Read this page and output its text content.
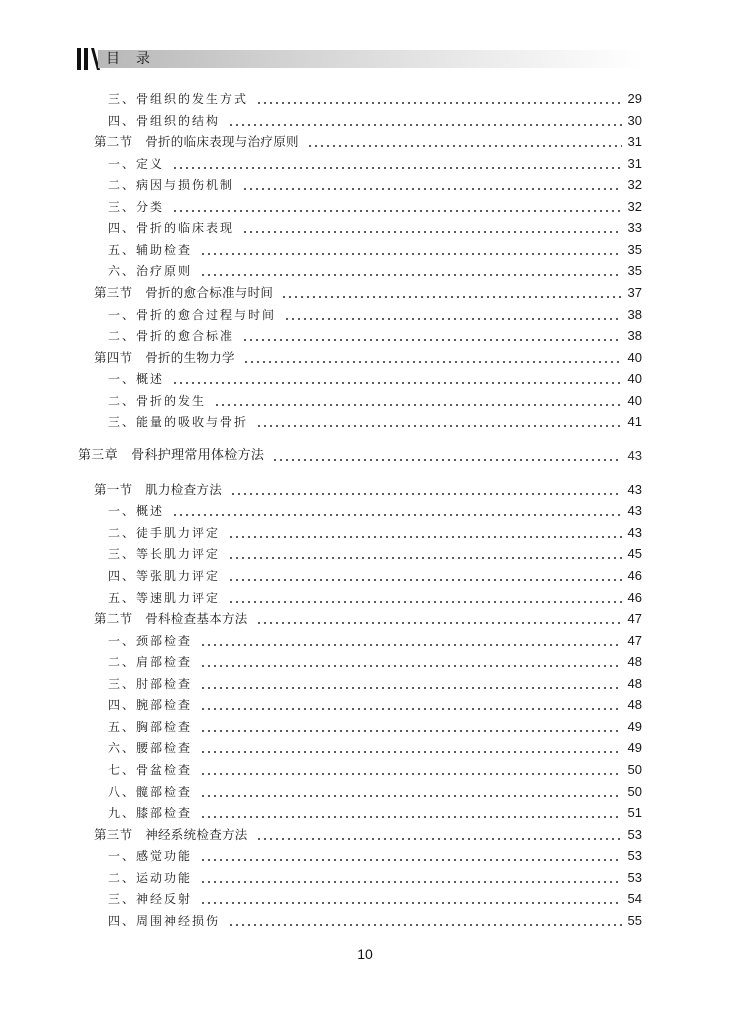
目录
三、骨组织的发生方式	29
四、骨组织的结构	30
第二节　骨折的临床表现与治疗原则	31
一、定义	31
二、病因与损伤机制	32
三、分类	32
四、骨折的临床表现	33
五、辅助检查	35
六、治疗原则	35
第三节　骨折的愈合标准与时间	37
一、骨折的愈合过程与时间	38
二、骨折的愈合标准	38
第四节　骨折的生物力学	40
一、概述	40
二、骨折的发生	40
三、能量的吸收与骨折	41
第三章　骨科护理常用体检方法	43
第一节　肌力检查方法	43
一、概述	43
二、徒手肌力评定	43
三、等长肌力评定	45
四、等张肌力评定	46
五、等速肌力评定	46
第二节　骨科检查基本方法	47
一、颈部检查	47
二、肩部检查	48
三、肘部检查	48
四、腕部检查	48
五、胸部检查	49
六、腰部检查	49
七、骨盆检查	50
八、髋部检查	50
九、膝部检查	51
第三节　神经系统检查方法	53
一、感觉功能	53
二、运动功能	53
三、神经反射	54
四、周围神经损伤	55
10
